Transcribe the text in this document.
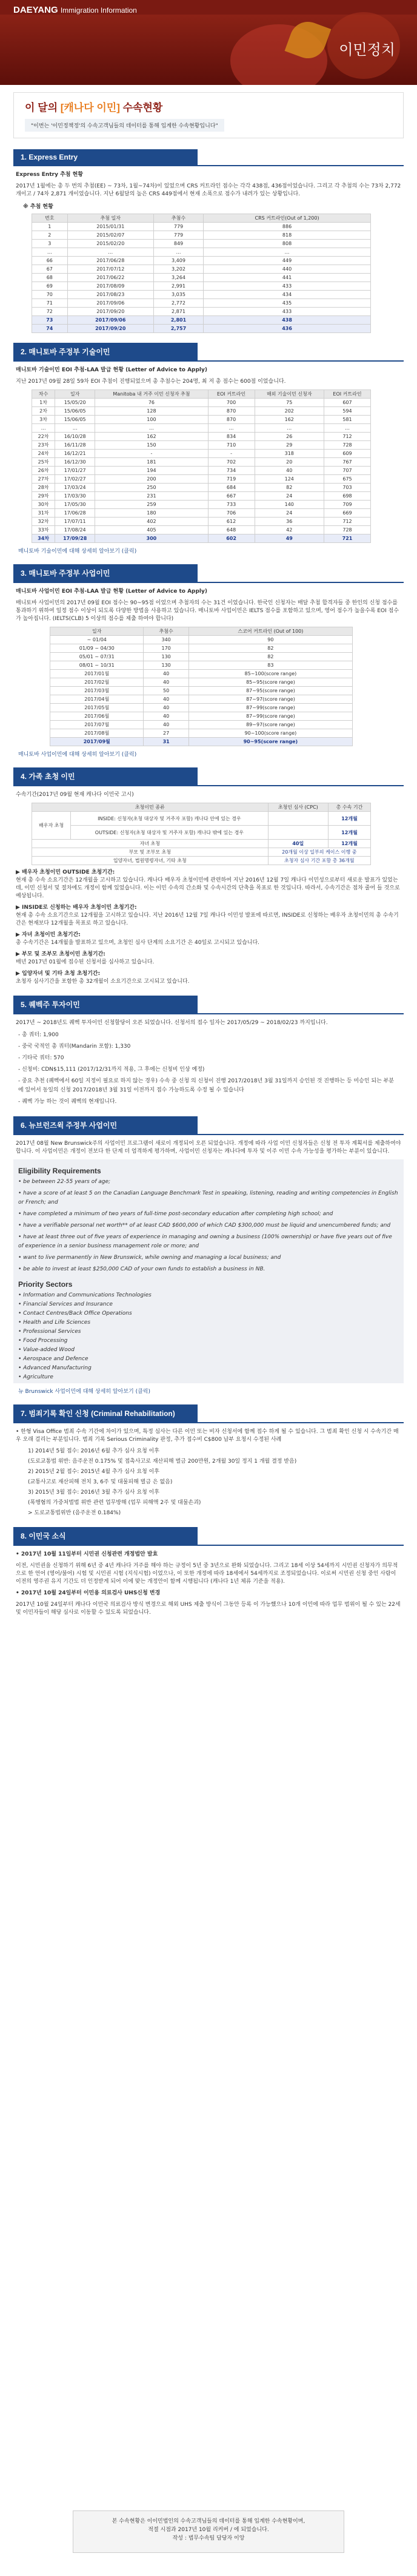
DAEYANG Immigration Information
이민정치
이 달의 [캐나다 이민] 수속현황
"이번는 '이민정책정'의 수속고객님들의 데이터를 통해 입계한 수속현황입니다"
1. Express Entry
Express Entry 추첨 현황
2017년 1월에는 총 두 번의 추첨(EE) ~ 73차, 1월~74차)이 있었으며 CRS 커트라인 점수는 각각 438점, 436점이었습니다. 그리고 각 추첨의 수는 73차 2,772 개이고 / 74차 2,871 개이었습니다. 지난 6월달의 높은 CRS 449점에서 현재 소폭으로 점수가 내려가 있는 상황입니다.
※ 추첨 현황
번호	추첨 일자	추첨수	CRS 커트라인(Out of 1,200)
1	2015/01/31	779	886
2	2015/02/07	779	818
3	2015/02/20	849	808
…	…	…	…
66	2017/06/28	3,409	449
67	2017/07/12	3,202	440
68	2017/06/22	3,264	441
69	2017/08/09	2,991	433
70	2017/08/23	3,035	434
71	2017/09/06	2,772	435
72	2017/09/20	2,871	433
73	2017/09/06	2,801	438
74	2017/09/20	2,757	436
2. 매니토바 주정부 기술이민
매니토바 기술이민 EOI 추첨-LAA 발급 현황 (Letter of Advice to Apply)
지난 2017년 09월 28일 59차 EOI 추첨이 진행되었으며 총 추첨수는 204명, 최 저 총 점수는 600점 이었습니다.
차수	일자	Manitoba 내 거주 이민 신청자 추첨	EOI 커트라인	해외 기술이민 신청자	EOI 커트라인
1차	15/05/20	76	700	75	607
2차	15/06/05	128	870	202	594
3차	15/06/05	100	870	162	581
…	…	…	…	…	…
22차	16/10/28	162	834	26	712
23차	16/11/28	150	710	29	728
24차	16/12/21	-	-	318	609
25차	16/12/30	181	702	20	767
26차	17/01/27	194	734	40	707
27차	17/02/27	200	719	124	675
28차	17/03/24	250	684	82	703
29차	17/03/30	231	667	24	698
30차	17/05/30	259	733	140	709
31차	17/06/28	180	706	24	669
32차	17/07/11	402	612	36	712
33차	17/08/24	405	648	42	728
34차	17/09/28	300	602	49	721
매니토바 기술이민에 대해 상세히 알아보기 (클릭)
3. 매니토바 주정부 사업이민
매니토바 사업이민 EOI 추첨-LAA 발급 현황 (Letter of Advice to Apply)
매니토바 사업이민의 2017년 09월 EOI 점수는 90~95점 이었으며 추첨자의 수는 31건 이었습니다. 한국인 신청자는 매달 추첨 합격자들 중 한인의 신청 점수를 통과하기 위하여 일정 점수 이상이 되도록 다양한 방법을 사용하고 있습니다. 매니토바 사업이민은 IELTS 점수를 포함하고 있으며, 영어 점수가 높을수록 EOI 점수가 높아집니다. (IELTS(CLB) 5 이상의 점수를 제출 하여야 합니다)
일자	추첨수	스코어 커트라인 (Out of 100)
~ 01/04	340	90
01/09 ~ 04/30	170	82
05/01 ~ 07/31	130	82
08/01 ~ 10/31	130	83
2017/01월	40	85~100(score range)
2017/02월	40	85~95(score range)
2017/03월	50	87~95(score range)
2017/04월	40	87~97(score range)
2017/05월	40	87~99(score range)
2017/06월	40	87~99(score range)
2017/07월	40	89~97(score range)
2017/08월	27	90~100(score range)
2017/09월	31	90~95(score range)
매니토바 사업이민에 대해 상세히 알아보기 (클릭)
4. 가족 초청 이민
수속기간(2017년 09월 현재 캐나다 이민국 고시)
초청이민 종류		초청인 심사 (CPC)	총 수속 기간
배우자 초청	INSIDE: 신청자(초청 대상자 및 거주자 포함) 캐나다 안에 있는 경우		12개월
	OUTSIDE: 신청자(초청 대상자 및 거주자 포함) 캐나다 밖에 있는 경우		12개월
자녀 초청		40일	12개월
부모 및 조부모 초청		20개월 이상 일부의 케이스 이행 중	
입양자녀, 법원명령자녀, 기타 초청		초청자 심사 기간 포함 총 36개월	
▶ 배우자 초청이민 OUTSIDE 초청기간:
현재 총 수속 소요기간은 12개월을 고시하고 있습니다. 캐나다 배우자 초청이민에 관련하여 지난 2016년 12월 7일 캐나다 이민성으로부터 새로운 발표가 있었는데, 이민 신청서 및 절차에도 개정이 함께 있었습니다. 이는 이민 수속의 간소화 및 수속시간의 단축을 목표로 한 것입니다. 따라서, 수속기간은 점차 줄어 들 것으로 예상됩니다.
▶ INSIDE로 신청하는 배우자 초청이민 초청기간:
현재 총 수속 소요기간으로 12개월을 고시하고 있습니다. 지난 2016년 12월 7일 캐나다 이민성 발표에 따르면, INSIDE로 신청하는 배우자 초청이민의 총 수속기간은 현재보다 12개월을 목표로 하고 있습니다.
▶ 자녀 초청이민 초청기간:
총 수속기간은 14개월을 발표하고 있으며, 초청인 심사 단계의 소요기간 은 40일로 고시되고 있습니다.
▶ 부모 및 조부모 초청이민 초청기간:
매년 2017년 01월에 접수된 신청서를 심사하고 있습니다.
▶ 입양자녀 및 기타 초청 초청기간:
초청자 심사기간을 포함한 총 32개월이 소요기간으로 고시되고 있습니다.
5. 퀘벡주 투자이민
2017년 ~ 2018년도 퀘벡 투자이민 신청할당이 오픈 되었습니다. 신청서의 접수 일자는 2017/05/29 ~ 2018/02/23 까지입니다.
- 총 쿼터: 1,900
- 중국 국적인 총 쿼터(Mandarin 포함): 1,330
- 기타국 쿼터: 570
- 신청비: CDN$15,111 (2017/12/31까지 적용, 그 후에는 신청비 인상 예정)
- 중요 추천 (퀘벡에서 60일 지정이 필요로 하지 않는 경우) 수속 중 신청 의 신청이 진행 2017/2018년 3월 31일까지 승인된 것 진행하는 등 미승인 되는 부분에 있어서 동일의 신청 2017/2018년 3월 31일 이전까지 접수 가능하도록 수정 될 수 있습니다
- 퀘벡 가능 하는 것이 퀘벡의 현재입니다.
6. 뉴브런즈윅 주정부 사업이민
2017년 08월 New Brunswick주의 사업이민 프로그램이 새로이 개정되어 오픈 되었습니다. 개정에 따라 사업 이민 신청자들은 신청 전 투자 계획서를 제출하여야 합니다. 이 사업이민은 개정이 전보다 한 단계 더 엄격하게 평가하며, 사업이민 신청자는 캐나다에 투자 및 이주 이민 수속 가능성을 평가하는 부분이 있습니다.
Eligibility Requirements
• be between 22-55 years of age;
• have a score of at least 5 on the Canadian Language Benchmark Test in speaking, listening, reading and writing competencies in English or French; and
• have completed a minimum of two years of full-time post-secondary education after completing high school; and
• have a verifiable personal net worth** of at least CAD $600,000 of which CAD $300,000 must be liquid and unencumbered funds; and
• have at least three out of five years of experience in managing and owning a business (100% ownership) or have five years out of five of experience in a senior business management role or more; and
• want to live permanently in New Brunswick, while owning and managing a local business; and
• be able to invest at least $250,000 CAD of your own funds to establish a business in NB.
Priority Sectors
• Information and Communications Technologies
• Financial Services and Insurance
• Contact Centres/Back Office Operations
• Health and Life Sciences
• Professional Services
• Food Processing
• Value-added Wood
• Aerospace and Defence
• Advanced Manufacturing
• Agriculture
뉴 Brunswick 사업이민에 대해 상세히 알아보기 (클릭)
7. 범죄기록 확인 신청 (Criminal Rehabilitation)
• 한형 Visa Office 범죄 수속 기간에 차이가 있으며, 특정 심사는 다른 이민 또는 비자 신청서에 함께 접수 하게 될 수 있습니다. 그 범죄 확인 신청 시 수속기간 매우 오래 걸리는 부분입니다. 범죄 기록 Serious Criminality 판정, 추가 접수비 C$800 납부 요청시 수정된 사례
1) 2014년 5월 접수: 2016년 6월 추가 심사 요청 이후
(도로교통법 위반: 음주운전 0.175% 및 접촉사고로 재산피해 벌금 200만원, 2개월 30일 정지 1 개월 결정 받음)
2) 2015년 2월 접수: 2015년 4월 추가 심사 요청 이후
(교통사고로 재산피해 전치 3, 6주 및 대물피해 벌금 은 없음)
3) 2015년 3월 접수: 2016년 3월 추가 심사 요청 이후
(폭행혐의 가중처벌법 위반 관련 업무방해 (업무 피해액 2주 및 대물손괴)
> 도로교통법위반 (음주운전 0.184%)
8. 이민국 소식
• 2017년 10월 11일부터 시민권 신청관련 개정법안 발효
이전, 시민권을 신청하기 위해 6년 중 4년 캐나다 거주를 해야 하는 규정이 5년 중 3년으로 완화 되었습니다. 그리고 18세 이상 54세까지 시민권 신청자가 의무적으로 한 언어 (영어/불어) 시험 및 시민권 시험 (지식시험) 이었으나, 이 또한 개정에 따라 18세에서 54세까지로 조정되었습니다. 이로써 시민권 신청 중인 사람이 이전의 영주권 유지 기간도 더 인정받게 되어 이에 맞는 개정안이 함께 시행됩니다 (캐나다 1년 체류 기준을 적용).
• 2017년 10월 24일부터 이민용 의료검사 UHS신청 변경
2017년 10월 24일부터 캐나다 이민국 의료검사 방식 변경으로 해외 UHS 제출 방식이 그동안 등록 이 가능했으나 10개 이민에 따라 업무 범위이 될 수 있는 22세 및 이민자들이 해당 심사로 이동할 수 있도록 되었습니다.
본 수속현황은 이이민법인의 수속고객님들의 데이터를 통해 입계한 수속현황이며,
적절 시점과 2017년 10월 리커버 / 에 되었습니다.
작성 : 법무수속팀 담당자 이앙
